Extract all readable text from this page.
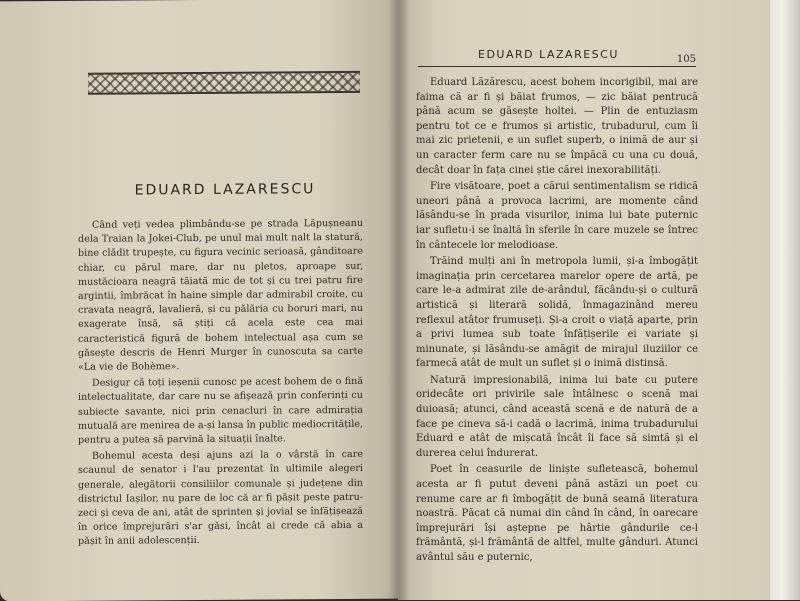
EDUARD LAZARESCU

Când veți vedea plimbându-se pe strada Lăpușneanu dela Traian la Jokei-Club, pe unul mai mult nalt la statură, bine clădit trupește, cu figura vecinic serioasă, gânditoare chiar, cu părul mare, dar nu pletos, aproape sur, mustăcioara neagră tăiată mic de tot și cu trei patru fire argintii, îmbrăcat în haine simple dar admirabil croite, cu cravata neagră, lavalieră, și cu pălăria cu boruri mari, nu exagerate însă, să știți că acela este cea mai caracteristică figură de bohem intelectual așa cum se găsește descris de Henri Murger în cunoscuta sa carte «La vie de Bohème».

Desigur că toți ieșenii cunosc pe acest bohem de o fină intelectualitate, dar care nu se afișează prin conferinți cu subiecte savante, nici prin cenacluri în care admirația mutuală are menirea de a-și lansa în public mediocritățile, pentru a putea să parvină la situații înalte.

Bohemul acesta deși ajuns azi la o vârstă în care scaunul de senator i l'au prezentat în ultimile alegeri generale, alegătorii consiliilor comunale și județene din districtul Iașilor, nu pare de loc că ar fi pășit peste patru-zeci și ceva de ani, atât de sprinten și jovial se înfățișează în orice împrejurări s'ar găsi, încât ai crede că abia a pășit în anii adolescenții.

EDUARD LAZARESCU	105

Eduard Lăzărescu, acest bohem incorigibil, mai are faima că ar fi și băiat frumos, — zic băiat pentrucă până acum se găsește holtei. — Plin de entuziasm pentru tot ce e frumos și artistic, trubadurul, cum îi mai zic prietenii, e un suflet superb, o inimă de aur și un caracter ferm care nu se împăcă cu una cu două, decât doar în fața cinei știe cărei inexorabilități.

Fire visătoare, poet a cărui sentimentalism se ridică uneori până a provoca lacrimi, are momente când lăsându-se în prada visurilor, inima lui bate puternic iar sufletu-i se înaltă în sferile în care muzele se întrec în cântecele lor melodioase.

Trăind mulți ani în metropola lumii, și-a îmbogățit imaginația prin cercetarea marelor opere de artă, pe care le-a admirat zile de-arândul, făcându-și o cultură artistică și literară solidă, înmagazinând mereu reflexul atâtor frumuseți. Și-a croit o viață aparte, prin a privi lumea sub toate înfățișerile ei variate și minunate, și lăsându-se amăgit de mirajul iluziilor ce farmecă atât de mult un suflet și o inimă distinsă.

Natură impresionabilă, inima lui bate cu putere oridecâte ori privirile sale întâlnesc o scenă mai duioasă; atunci, când această scenă e de natură de a face pe cineva să-i cadă o lacrimă, inima trubadurului Eduard e atât de mișcată încât îi face să simtă și el durerea celui îndurerat.

Poet în ceasurile de liniște sufletească, bohemul acesta ar fi putut deveni până astăzi un poet cu renume care ar fi îmbogățit de bună seamă literatura noastră. Păcat că numai din când în când, în oarecare împrejurări își aștерne pe hârtie gândurile ce-l frământă, și-l frământă de altfel, multe gânduri. Atunci avântul său e puternic,
